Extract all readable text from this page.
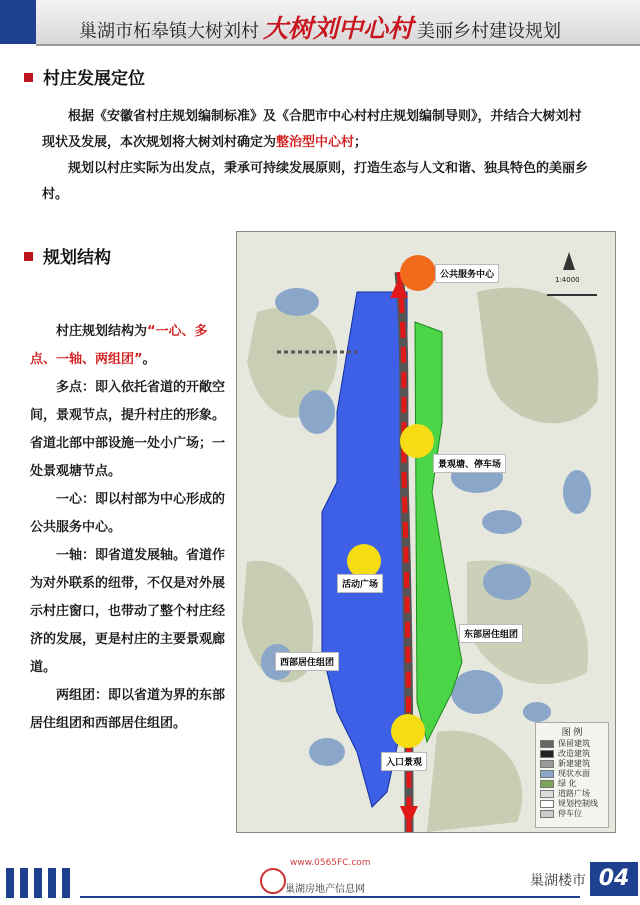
巢湖市柘皋镇大树刘村 大树刘中心村 美丽乡村建设规划
村庄发展定位

根据《安徽省村庄规划编制标准》及《合肥市中心村村庄规划编制导则》，并结合大树刘村现状及发展，本次规划将大树刘村确定为整治型中心村；

规划以村庄实际为出发点，秉承可持续发展原则，打造生态与人文和谐、独具特色的美丽乡村。

规划结构

村庄规划结构为“一心、多点、一轴、两组团”。

多点：即入依托省道的开敞空间，景观节点，提升村庄的形象。省道北部中部设施一处小广场；一处景观塘节点。

一心：即以村部为中心形成的公共服务中心。

一轴：即省道发展轴。省道作为对外联系的纽带，不仅是对外展示村庄窗口，也带动了整个村庄经济的发展，更是村庄的主要景观廊道。

两组团：即以省道为界的东部居住组团和西部居住组团。

公共服务中心
景观塘、停车场
活动广场
东部居住组团
西部居住组团
入口景观
1:4000
图 例
保留建筑
改造建筑
新建建筑
现状水面
绿 化
道路广场
规划控制线
停车位
www.0565FC.com
巢湖房地产信息网
巢湖楼市 04
